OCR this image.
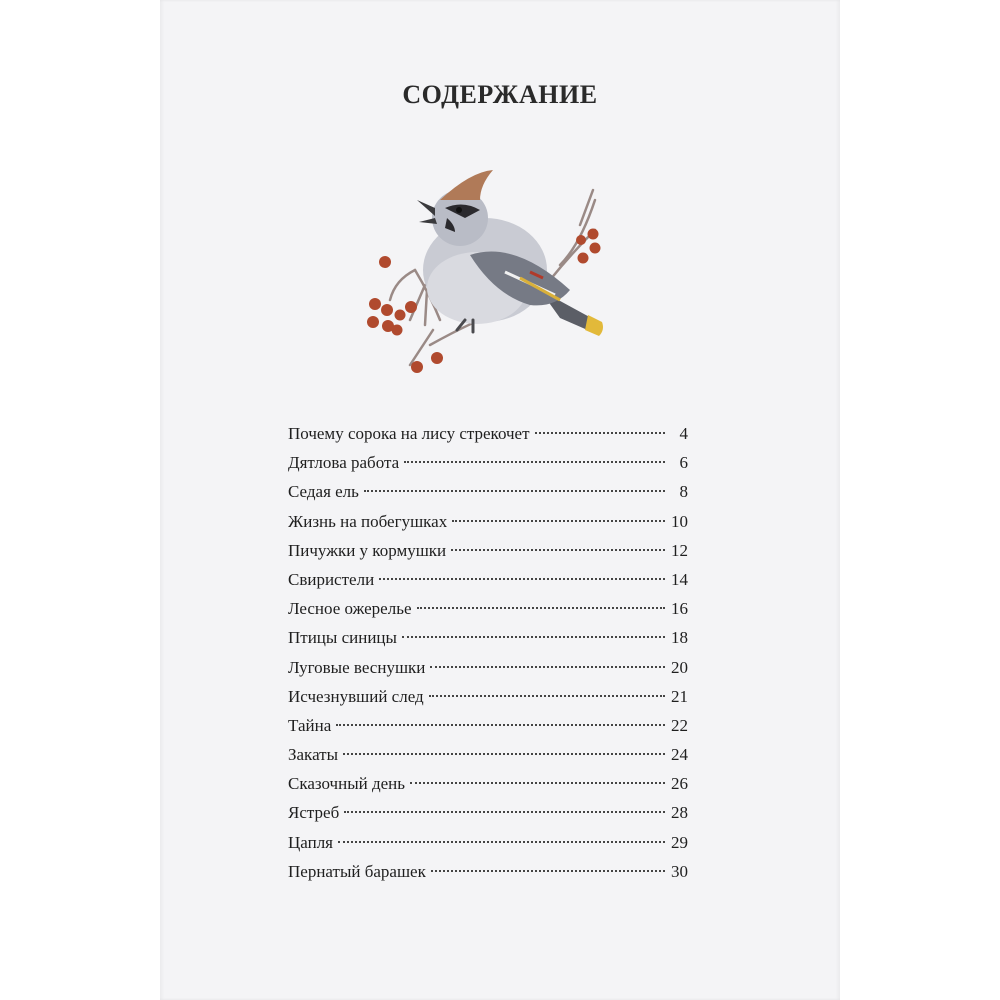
СОДЕРЖАНИЕ
Почему сорока на лису стрекочет	4
Дятлова работа	6
Седая ель	8
Жизнь на побегушках	10
Пичужки у кормушки	12
Свиристели	14
Лесное ожерелье	16
Птицы синицы	18
Луговые веснушки	20
Исчезнувший след	21
Тайна	22
Закаты	24
Сказочный день	26
Ястреб	28
Цапля	29
Пернатый барашек	30
